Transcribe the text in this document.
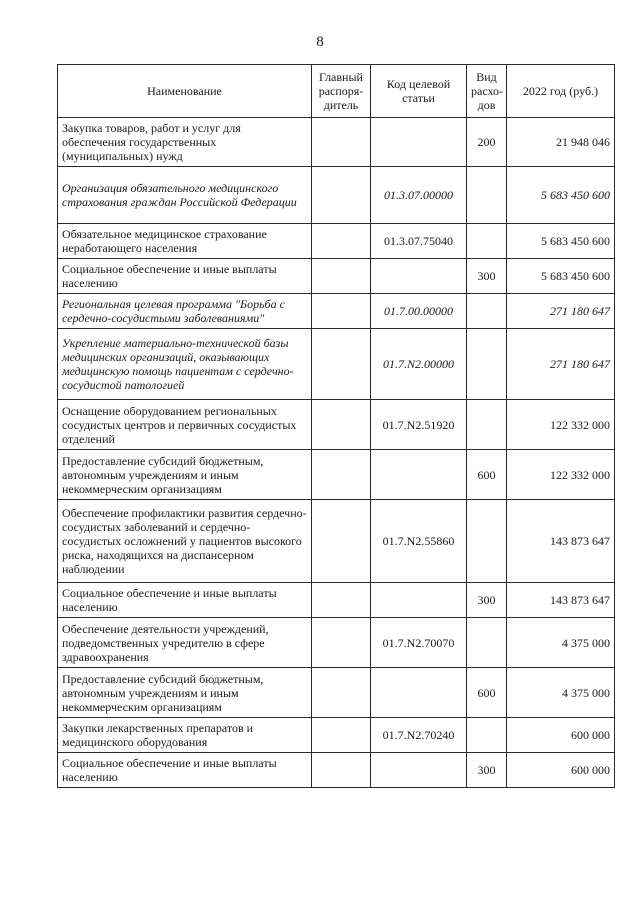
8
Наименование	Главный распоря-дитель	Код целевой статьи	Вид расхо-дов	2022 год (руб.)
Закупка товаров, работ и услуг для обеспечения государственных (муниципальных) нужд			200	21 948 046
Организация обязательного медицинского страхования граждан Российской Федерации		01.3.07.00000		5 683 450 600
Обязательное медицинское страхование неработающего населения		01.3.07.75040		5 683 450 600
Социальное обеспечение и иные выплаты населению			300	5 683 450 600
Региональная целевая программа "Борьба с сердечно-сосудистыми заболеваниями"		01.7.00.00000		271 180 647
Укрепление материально-технической базы медицинских организаций, оказывающих медицинскую помощь пациентам с сердечно-сосудистой патологией		01.7.N2.00000		271 180 647
Оснащение оборудованием региональных сосудистых центров и первичных сосудистых отделений		01.7.N2.51920		122 332 000
Предоставление субсидий бюджетным, автономным учреждениям и иным некоммерческим организациям			600	122 332 000
Обеспечение профилактики развития сердечно-сосудистых заболеваний и сердечно-сосудистых осложнений у пациентов высокого риска, находящихся на диспансерном наблюдении		01.7.N2.55860		143 873 647
Социальное обеспечение и иные выплаты населению			300	143 873 647
Обеспечение деятельности учреждений, подведомственных учредителю в сфере здравоохранения		01.7.N2.70070		4 375 000
Предоставление субсидий бюджетным, автономным учреждениям и иным некоммерческим организациям			600	4 375 000
Закупки лекарственных препаратов и медицинского оборудования		01.7.N2.70240		600 000
Социальное обеспечение и иные выплаты населению			300	600 000
